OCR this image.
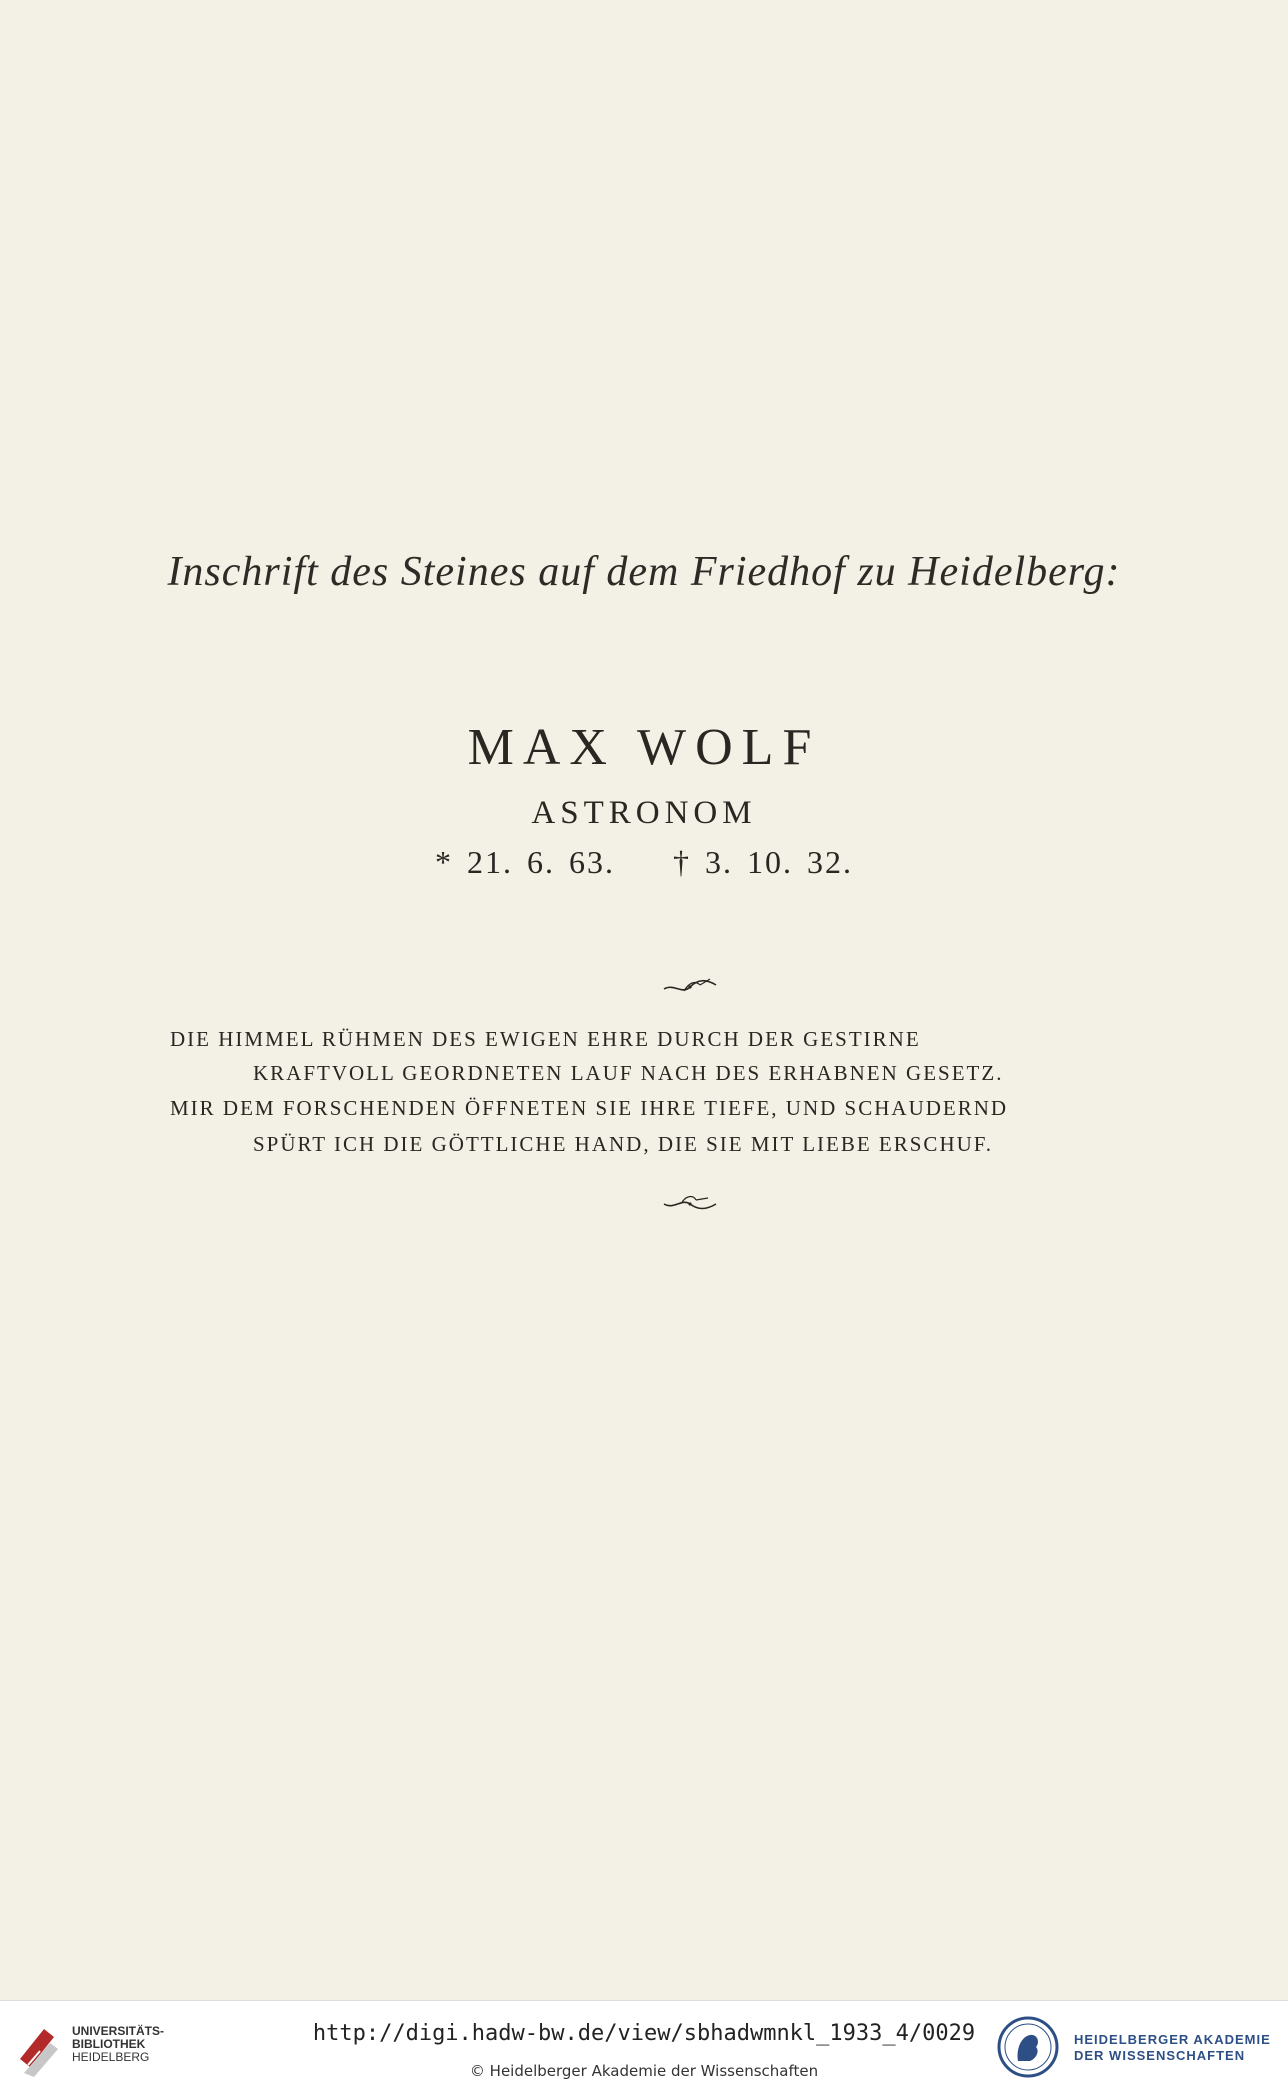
Inschrift des Steines auf dem Friedhof zu Heidelberg:
MAX WOLF
ASTRONOM
* 21. 6. 63. † 3. 10. 32.
DIE HIMMEL RÜHMEN DES EWIGEN EHRE DURCH DER GESTIRNE
KRAFTVOLL GEORDNETEN LAUF NACH DES ERHABNEN GESETZ.
MIR DEM FORSCHENDEN ÖFFNETEN SIE IHRE TIEFE, UND SCHAUDERND
SPÜRT ICH DIE GÖTTLICHE HAND, DIE SIE MIT LIEBE ERSCHUF.
UNIVERSITÄTS-
BIBLIOTHEK
HEIDELBERG
http://digi.hadw-bw.de/view/sbhadwmnkl_1933_4/0029
© Heidelberger Akademie der Wissenschaften
HEIDELBERGER AKADEMIE
DER WISSENSCHAFTEN
